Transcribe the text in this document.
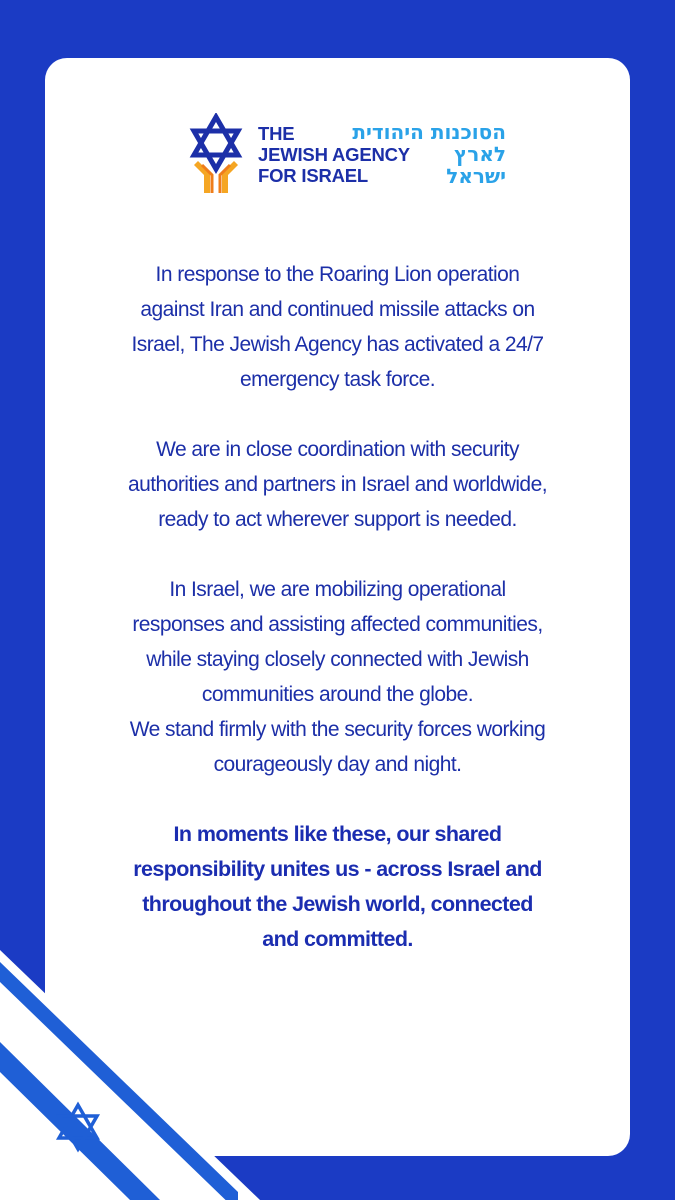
THE
JEWISH AGENCY
FOR ISRAEL
הסוכנות היהודית
לארץ
ישראל

In response to the Roaring Lion operation
against Iran and continued missile attacks on
Israel, The Jewish Agency has activated a 24/7
emergency task force.

We are in close coordination with security
authorities and partners in Israel and worldwide,
ready to act wherever support is needed.

In Israel, we are mobilizing operational
responses and assisting affected communities,
while staying closely connected with Jewish
communities around the globe.
We stand firmly with the security forces working
courageously day and night.

In moments like these, our shared
responsibility unites us - across Israel and
throughout the Jewish world, connected
and committed.
